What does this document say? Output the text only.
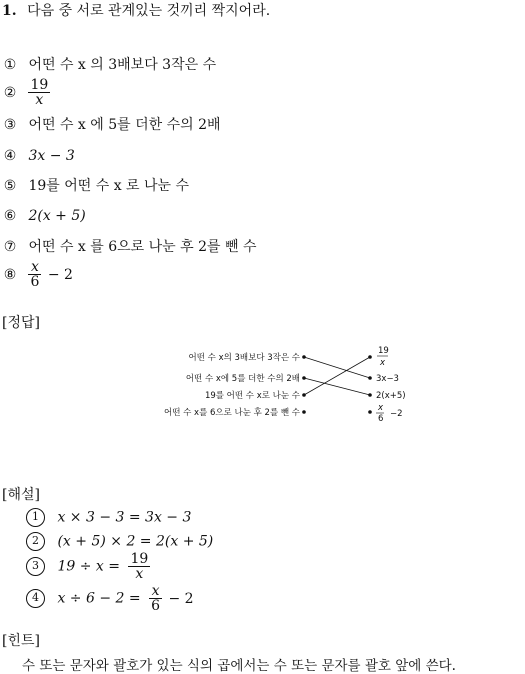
1. 다음 중 서로 관계있는 것끼리 짝지어라.
① 어떤 수 x 의 3배보다 3작은 수
② $\frac{19}{x}$
③ 어떤 수 x 에 5를 더한 수의 2배
④ 3x − 3
⑤ 19를 어떤 수 x 로 나눈 수
⑥ 2(x + 5)
⑦ 어떤 수 x 를 6으로 나눈 후 2를 뺀 수
⑧ $\frac{x}{6} - 2$
[정답]
어떤 수 x의 3배보다 3작은 수
어떤 수 x에 5를 더한 수의 2배
19를 어떤 수 x로 나눈 수
어떤 수 x를 6으로 나눈 후 2를 뺀 수
19
x
3x−3
2(x+5)
x
6 −2
[해설]
1 x × 3 − 3 = 3x − 3
2 (x + 5) × 2 = 2(x + 5)
3 $19 \div x = \frac{19}{x}$
4 $x \div 6 - 2 = \frac{x}{6} - 2$
[힌트]
수 또는 문자와 괄호가 있는 식의 곱에서는 수 또는 문자를 괄호 앞에 쓴다.
